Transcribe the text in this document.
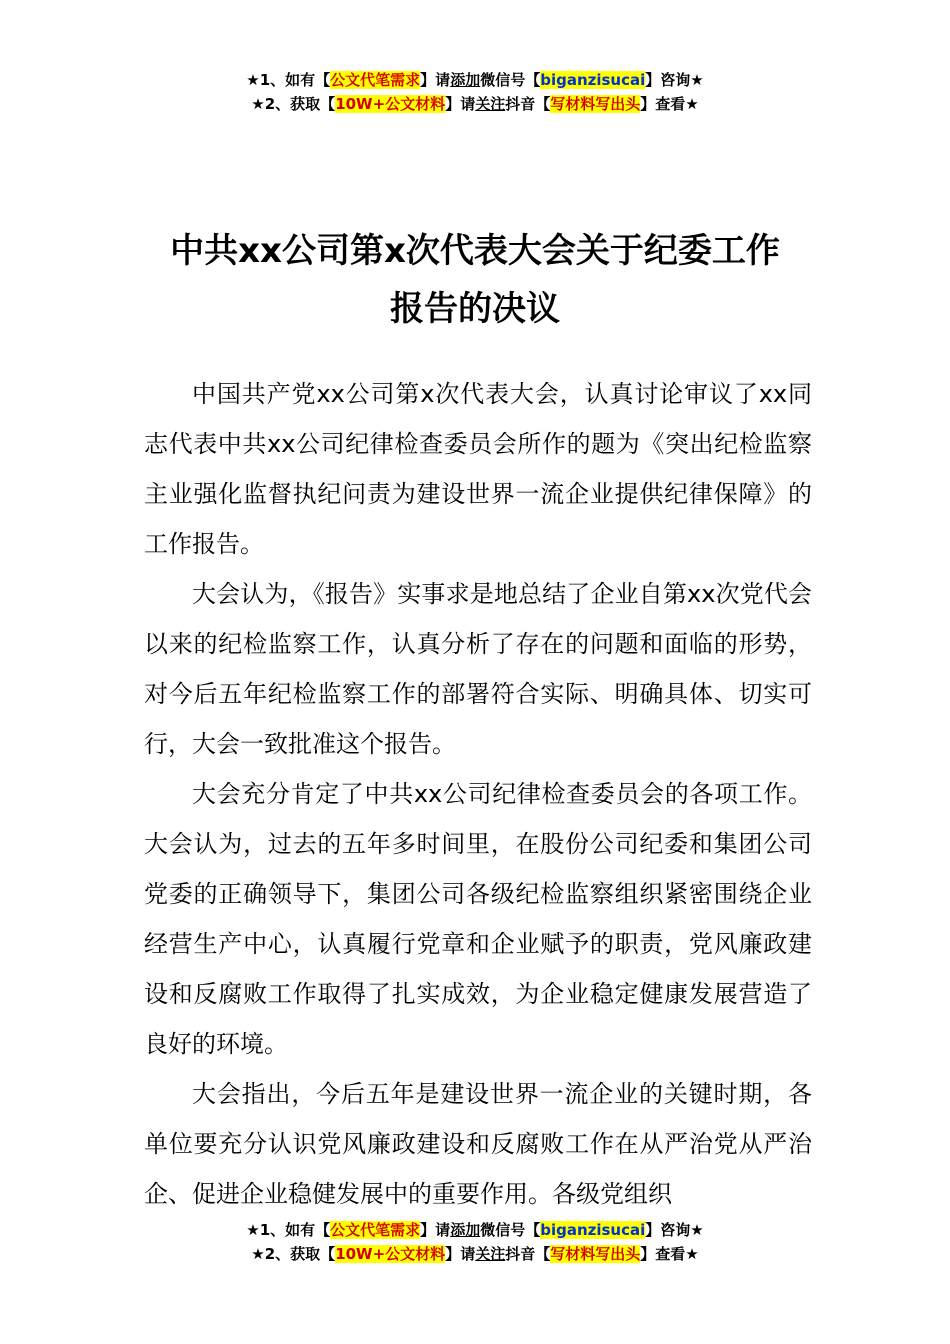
★1、如有【公文代笔需求】请添加微信号【biganzisucai】咨询★
★2、获取【10W+公文材料】请关注抖音【写材料写出头】查看★
中共xx公司第x次代表大会关于纪委工作
报告的决议

中国共产党xx公司第x次代表大会，认真讨论审议了xx同志代表中共xx公司纪律检查委员会所作的题为《突出纪检监察主业强化监督执纪问责为建设世界一流企业提供纪律保障》的工作报告。

大会认为，《报告》实事求是地总结了企业自第xx次党代会以来的纪检监察工作，认真分析了存在的问题和面临的形势，对今后五年纪检监察工作的部署符合实际、明确具体、切实可行，大会一致批准这个报告。

大会充分肯定了中共xx公司纪律检查委员会的各项工作。大会认为，过去的五年多时间里，在股份公司纪委和集团公司党委的正确领导下，集团公司各级纪检监察组织紧密围绕企业经营生产中心，认真履行党章和企业赋予的职责，党风廉政建设和反腐败工作取得了扎实成效，为企业稳定健康发展营造了良好的环境。

大会指出，今后五年是建设世界一流企业的关键时期，各单位要充分认识党风廉政建设和反腐败工作在从严治党从严治企、促进企业稳健发展中的重要作用。各级党组织

★1、如有【公文代笔需求】请添加微信号【biganzisucai】咨询★
★2、获取【10W+公文材料】请关注抖音【写材料写出头】查看★
